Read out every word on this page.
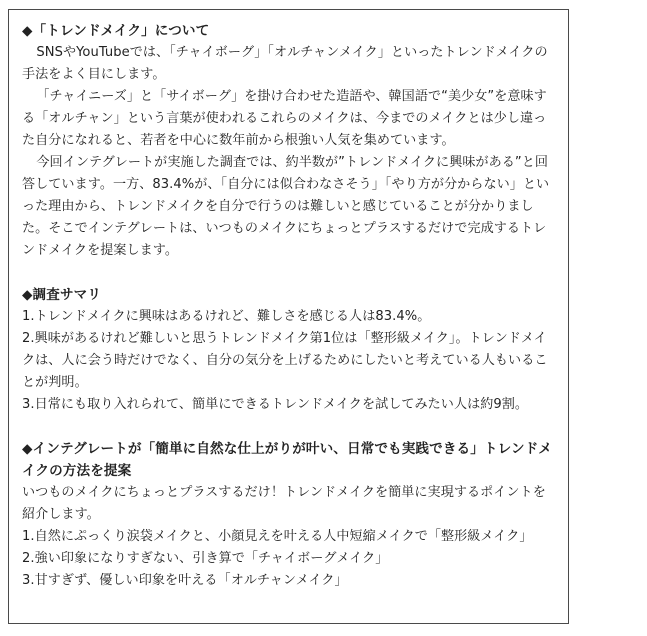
◆「トレンドメイク」について

SNSやYouTubeでは、「チャイボーグ」「オルチャンメイク」といったトレンドメイクの手法をよく目にします。

「チャイニーズ」と「サイボーグ」を掛け合わせた造語や、韓国語で“美少女”を意味する「オルチャン」という言葉が使われるこれらのメイクは、今までのメイクとは少し違った自分になれると、若者を中心に数年前から根強い人気を集めています。

今回インテグレートが実施した調査では、約半数が”トレンドメイクに興味がある”と回答しています。一方、83.4%が、「自分には似合わなさそう」「やり方が分からない」といった理由から、トレンドメイクを自分で行うのは難しいと感じていることが分かりました。そこでインテグレートは、いつものメイクにちょっとプラスするだけで完成するトレンドメイクを提案します。

◆調査サマリ

1.トレンドメイクに興味はあるけれど、難しさを感じる人は83.4%。

2.興味があるけれど難しいと思うトレンドメイク第1位は「整形級メイク」。トレンドメイクは、人に会う時だけでなく、自分の気分を上げるためにしたいと考えている人もいることが判明。

3.日常にも取り入れられて、簡単にできるトレンドメイクを試してみたい人は約9割。

◆インテグレートが「簡単に自然な仕上がりが叶い、日常でも実践できる」トレンドメイクの方法を提案

いつものメイクにちょっとプラスするだけ！トレンドメイクを簡単に実現するポイントを紹介します。

1.自然にぷっくり涙袋メイクと、小顔見えを叶える人中短縮メイクで「整形級メイク」

2.強い印象になりすぎない、引き算で「チャイボーグメイク」

3.甘すぎず、優しい印象を叶える「オルチャンメイク」
